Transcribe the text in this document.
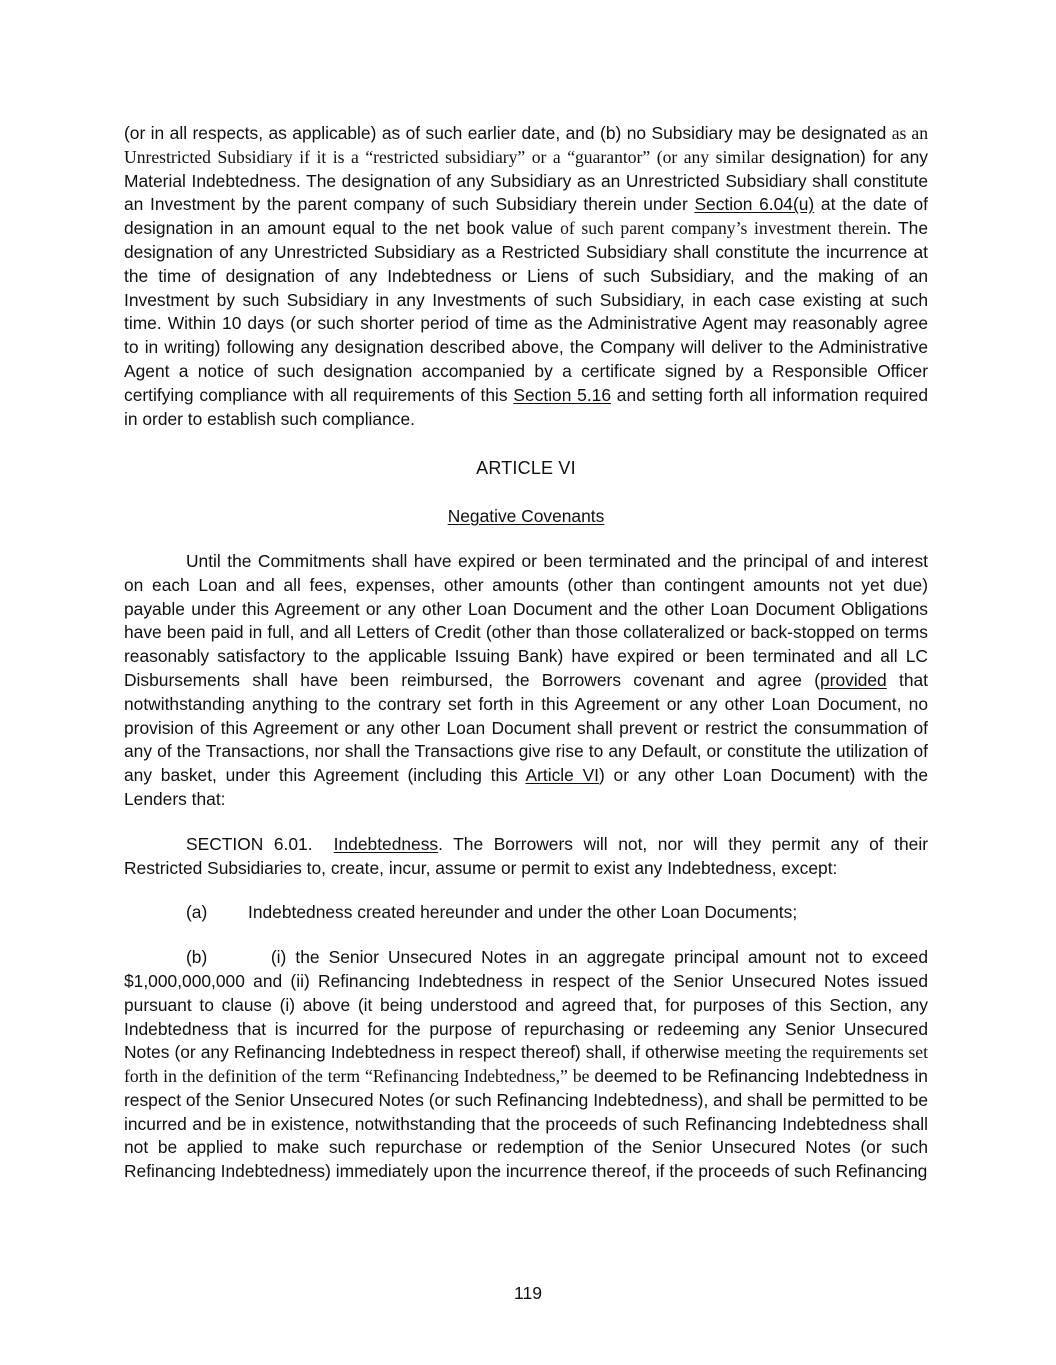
(or in all respects, as applicable) as of such earlier date, and (b) no Subsidiary may be designated as an Unrestricted Subsidiary if it is a “restricted subsidiary” or a “guarantor” (or any similar designation) for any Material Indebtedness. The designation of any Subsidiary as an Unrestricted Subsidiary shall constitute an Investment by the parent company of such Subsidiary therein under Section 6.04(u) at the date of designation in an amount equal to the net book value of such parent company’s investment therein. The designation of any Unrestricted Subsidiary as a Restricted Subsidiary shall constitute the incurrence at the time of designation of any Indebtedness or Liens of such Subsidiary, and the making of an Investment by such Subsidiary in any Investments of such Subsidiary, in each case existing at such time. Within 10 days (or such shorter period of time as the Administrative Agent may reasonably agree to in writing) following any designation described above, the Company will deliver to the Administrative Agent a notice of such designation accompanied by a certificate signed by a Responsible Officer certifying compliance with all requirements of this Section 5.16 and setting forth all information required in order to establish such compliance.

ARTICLE VI

Negative Covenants

Until the Commitments shall have expired or been terminated and the principal of and interest on each Loan and all fees, expenses, other amounts (other than contingent amounts not yet due) payable under this Agreement or any other Loan Document and the other Loan Document Obligations have been paid in full, and all Letters of Credit (other than those collateralized or back-stopped on terms reasonably satisfactory to the applicable Issuing Bank) have expired or been terminated and all LC Disbursements shall have been reimbursed, the Borrowers covenant and agree (provided that notwithstanding anything to the contrary set forth in this Agreement or any other Loan Document, no provision of this Agreement or any other Loan Document shall prevent or restrict the consummation of any of the Transactions, nor shall the Transactions give rise to any Default, or constitute the utilization of any basket, under this Agreement (including this Article VI) or any other Loan Document) with the Lenders that:

SECTION 6.01. Indebtedness. The Borrowers will not, nor will they permit any of their Restricted Subsidiaries to, create, incur, assume or permit to exist any Indebtedness, except:

(a) Indebtedness created hereunder and under the other Loan Documents;

(b)	(i) the Senior Unsecured Notes in an aggregate principal amount not to exceed $1,000,000,000 and (ii) Refinancing Indebtedness in respect of the Senior Unsecured Notes issued pursuant to clause (i) above (it being understood and agreed that, for purposes of this Section, any Indebtedness that is incurred for the purpose of repurchasing or redeeming any Senior Unsecured Notes (or any Refinancing Indebtedness in respect thereof) shall, if otherwise meeting the requirements set forth in the definition of the term “Refinancing Indebtedness,” be deemed to be Refinancing Indebtedness in respect of the Senior Unsecured Notes (or such Refinancing Indebtedness), and shall be permitted to be incurred and be in existence, notwithstanding that the proceeds of such Refinancing Indebtedness shall not be applied to make such repurchase or redemption of the Senior Unsecured Notes (or such Refinancing Indebtedness) immediately upon the incurrence thereof, if the proceeds of such Refinancing

119
